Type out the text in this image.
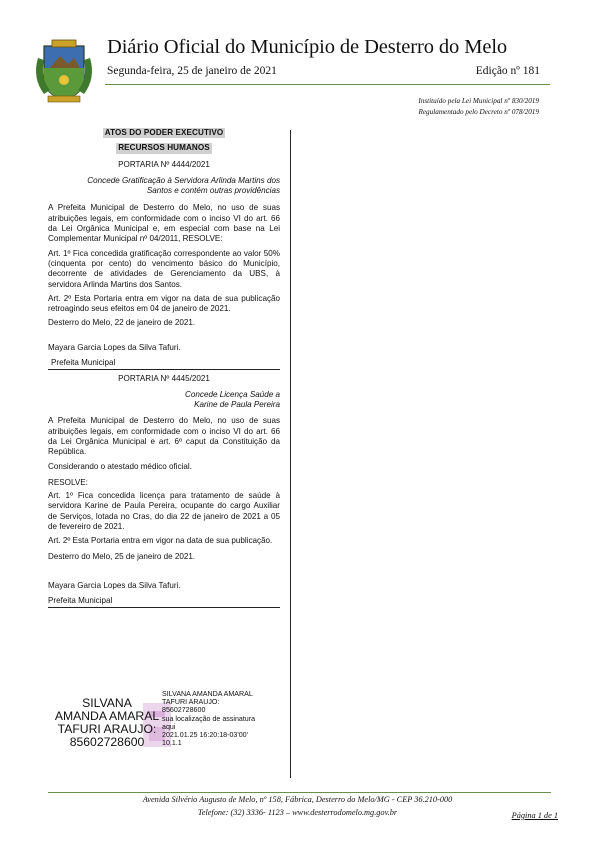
Diário Oficial do Município de Desterro do Melo
Segunda-feira, 25 de janeiro de 2021	Edição nº 181
Instituído pela Lei Municipal nº 830/2019
Regulamentado pelo Decreto nº 078/2019

ATOS DO PODER EXECUTIVO

RECURSOS HUMANOS

PORTARIA Nº 4444/2021

Concede Gratificação à Servidora Arlinda Martins dos Santos e contém outras providências

A Prefeita Municipal de Desterro do Melo, no uso de suas atribuições legais, em conformidade com o inciso VI do art. 66 da Lei Orgânica Municipal e, em especial com base na Lei Complementar Municipal nº 04/2011, RESOLVE:

Art. 1º Fica concedida gratificação correspondente ao valor 50% (cinquenta por cento) do vencimento básico do Município, decorrente de atividades de Gerenciamento da UBS, à servidora Arlinda Martins dos Santos.

Art. 2º Esta Portaria entra em vigor na data de sua publicação retroagindo seus efeitos em 04 de janeiro de 2021.

Desterro do Melo, 22 de janeiro de 2021.

Mayara Garcia Lopes da Silva Tafuri.

Prefeita Municipal

PORTARIA Nº 4445/2021

Concede Licença Saúde a

Karine de Paula Pereira

A Prefeita Municipal de Desterro do Melo, no uso de suas atribuições legais, em conformidade com o inciso VI do art. 66 da Lei Orgânica Municipal e art. 6º caput da Constituição da República.

Considerando o atestado médico oficial.

RESOLVE:

Art. 1º Fica concedida licença para tratamento de saúde à servidora Karine de Paula Pereira, ocupante do cargo Auxiliar de Serviços, lotada no Cras, do dia 22 de janeiro de 2021 a 05 de fevereiro de 2021.

Art. 2º Esta Portaria entra em vigor na data de sua publicação.

Desterro do Melo, 25 de janeiro de 2021.

Mayara Garcia Lopes da Silva Tafuri.

Prefeita Municipal

SILVANA
AMANDA AMARAL
TAFURI ARAUJO:
85602728600
SILVANA AMANDA AMARAL
TAFURI ARAUJO:
85602728600
sua localização de assinatura
aqui
2021.01.25 16:20:18-03'00'
10.1.1
Avenida Silvério Augusto de Melo, nº 158, Fábrica, Desterro do Melo/MG - CEP 36.210-000
Telefone: (32) 3336- 1123 – www.desterrodomelo.mg.gov.br	Página 1 de 1
